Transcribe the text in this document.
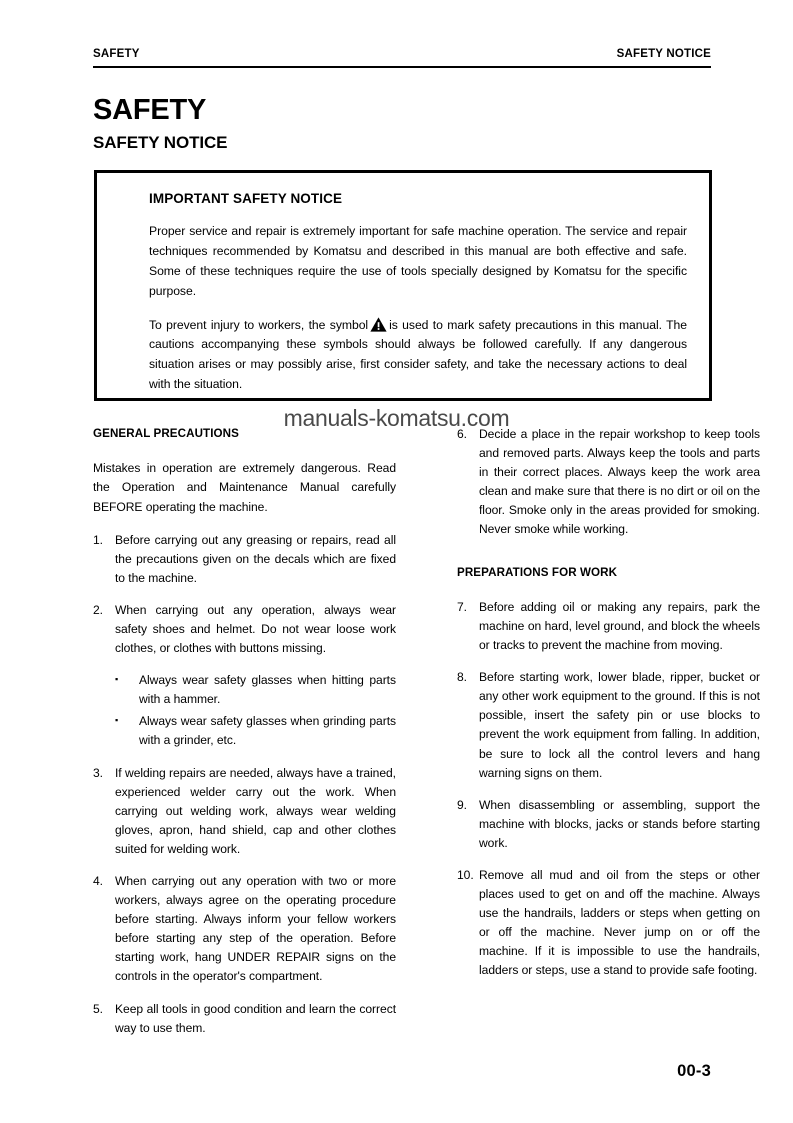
SAFETY	SAFETY NOTICE
SAFETY
SAFETY NOTICE
IMPORTANT SAFETY NOTICE

Proper service and repair is extremely important for safe machine operation. The service and repair techniques recommended by Komatsu and described in this manual are both effective and safe. Some of these techniques require the use of tools specially designed by Komatsu for the specific purpose.

To prevent injury to workers, the symbol is used to mark safety precautions in this manual. The cautions accompanying these symbols should always be followed carefully. If any dangerous situation arises or may possibly arise, first consider safety, and take the necessary actions to deal with the situation.

manuals-komatsu.com
GENERAL PRECAUTIONS

Mistakes in operation are extremely dangerous. Read the Operation and Maintenance Manual carefully BEFORE operating the machine.

1. Before carrying out any greasing or repairs, read all the precautions given on the decals which are fixed to the machine.
2. When carrying out any operation, always wear safety shoes and helmet. Do not wear loose work clothes, or clothes with buttons missing.
▪	Always wear safety glasses when hitting parts with a hammer.
▪	Always wear safety glasses when grinding parts with a grinder, etc.
3. If welding repairs are needed, always have a trained, experienced welder carry out the work. When carrying out welding work, always wear welding gloves, apron, hand shield, cap and other clothes suited for welding work.
4. When carrying out any operation with two or more workers, always agree on the operating procedure before starting. Always inform your fellow workers before starting any step of the operation. Before starting work, hang UNDER REPAIR signs on the controls in the operator's compartment.
5. Keep all tools in good condition and learn the correct way to use them.
6. Decide a place in the repair workshop to keep tools and removed parts. Always keep the tools and parts in their correct places. Always keep the work area clean and make sure that there is no dirt or oil on the floor. Smoke only in the areas provided for smoking. Never smoke while working.
PREPARATIONS FOR WORK
7. Before adding oil or making any repairs, park the machine on hard, level ground, and block the wheels or tracks to prevent the machine from moving.
8. Before starting work, lower blade, ripper, bucket or any other work equipment to the ground. If this is not possible, insert the safety pin or use blocks to prevent the work equipment from falling. In addition, be sure to lock all the control levers and hang warning signs on them.
9. When disassembling or assembling, support the machine with blocks, jacks or stands before starting work.
10. Remove all mud and oil from the steps or other places used to get on and off the machine. Always use the handrails, ladders or steps when getting on or off the machine. Never jump on or off the machine. If it is impossible to use the handrails, ladders or steps, use a stand to provide safe footing.
00-3
